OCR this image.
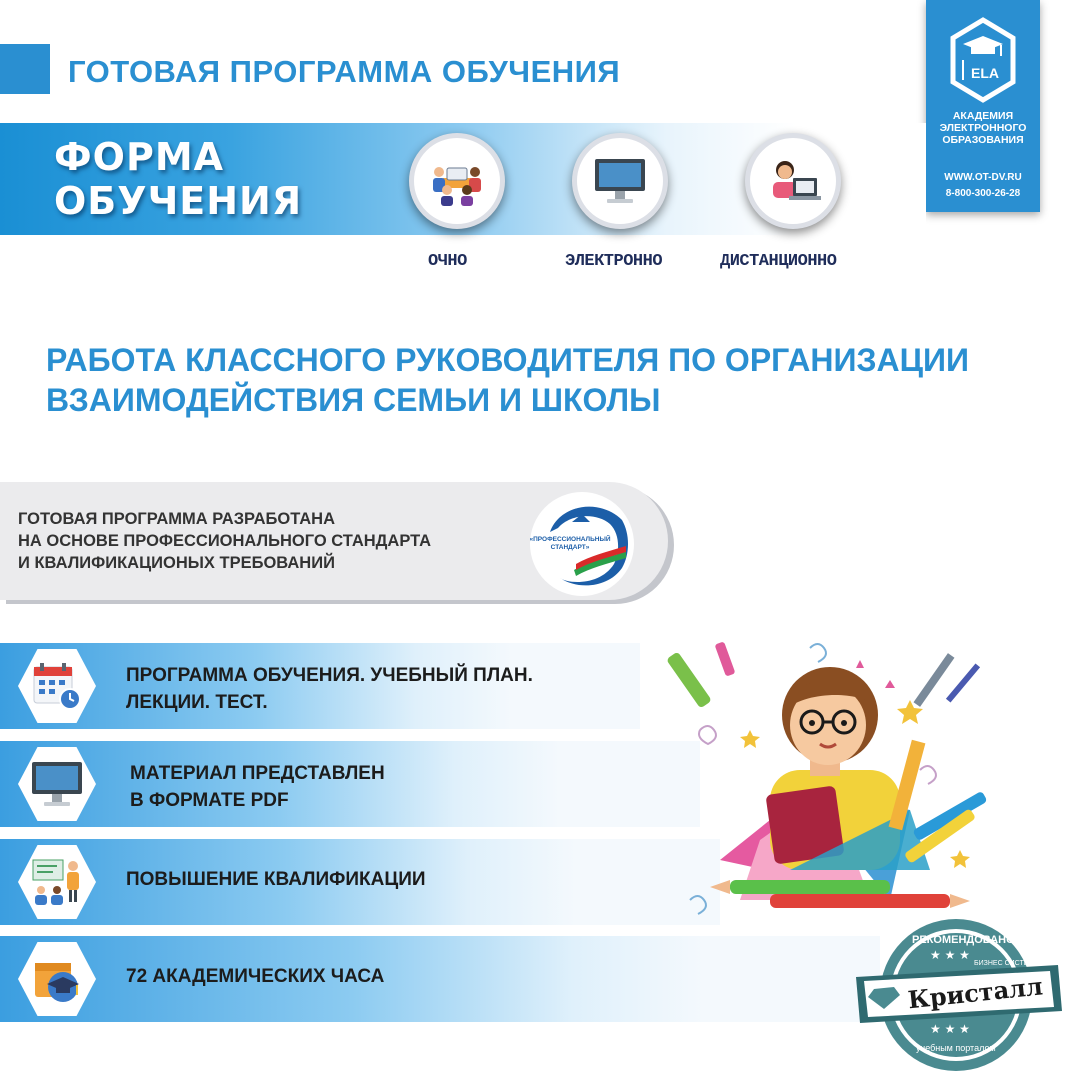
ГОТОВАЯ ПРОГРАММА ОБУЧЕНИЯ	ELA
АКАДЕМИЯ
ЭЛЕКТРОННОГО
ОБРАЗОВАНИЯ
WWW.OT-DV.RU
8-800-300-26-28
ФОРМА
ОБУЧЕНИЯ
ОЧНО	ЭЛЕКТРОННО	ДИСТАНЦИОННО
РАБОТА КЛАССНОГО РУКОВОДИТЕЛЯ ПО ОРГАНИЗАЦИИ
ВЗАИМОДЕЙСТВИЯ СЕМЬИ И ШКОЛЫ
ГОТОВАЯ ПРОГРАММА РАЗРАБОТАНА
НА ОСНОВЕ ПРОФЕССИОНАЛЬНОГО СТАНДАРТА
И КВАЛИФИКАЦИОНЫХ ТРЕБОВАНИЙ
«ПРОФЕССИОНАЛЬНЫЙ
СТАНДАРТ»
ПРОГРАММА ОБУЧЕНИЯ. УЧЕБНЫЙ ПЛАН.
ЛЕКЦИИ. ТЕСТ.
МАТЕРИАЛ ПРЕДСТАВЛЕН
В ФОРМАТЕ PDF
ПОВЫШЕНИЕ КВАЛИФИКАЦИИ
72 АКАДЕМИЧЕСКИХ ЧАСА
РЕКОМЕНДОВАНО
БИЗНЕС СИСТЕМА
Кристалл
учебным порталом
★ ★ ★
★ ★ ★
